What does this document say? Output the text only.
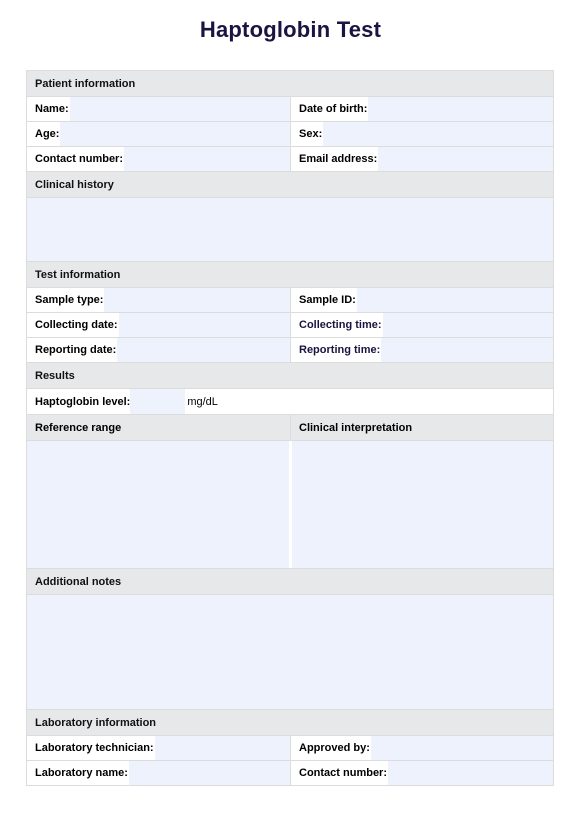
Haptoglobin Test
Patient information
Name:	Date of birth:
Age:	Sex:
Contact number:	Email address:
Clinical history
Test information
Sample type:	Sample ID:
Collecting date:	Collecting time:
Reporting date:	Reporting time:
Results
Haptoglobin level:	mg/dL
Reference range	Clinical interpretation
Additional notes
Laboratory information
Laboratory technician:	Approved by:
Laboratory name:	Contact number:
